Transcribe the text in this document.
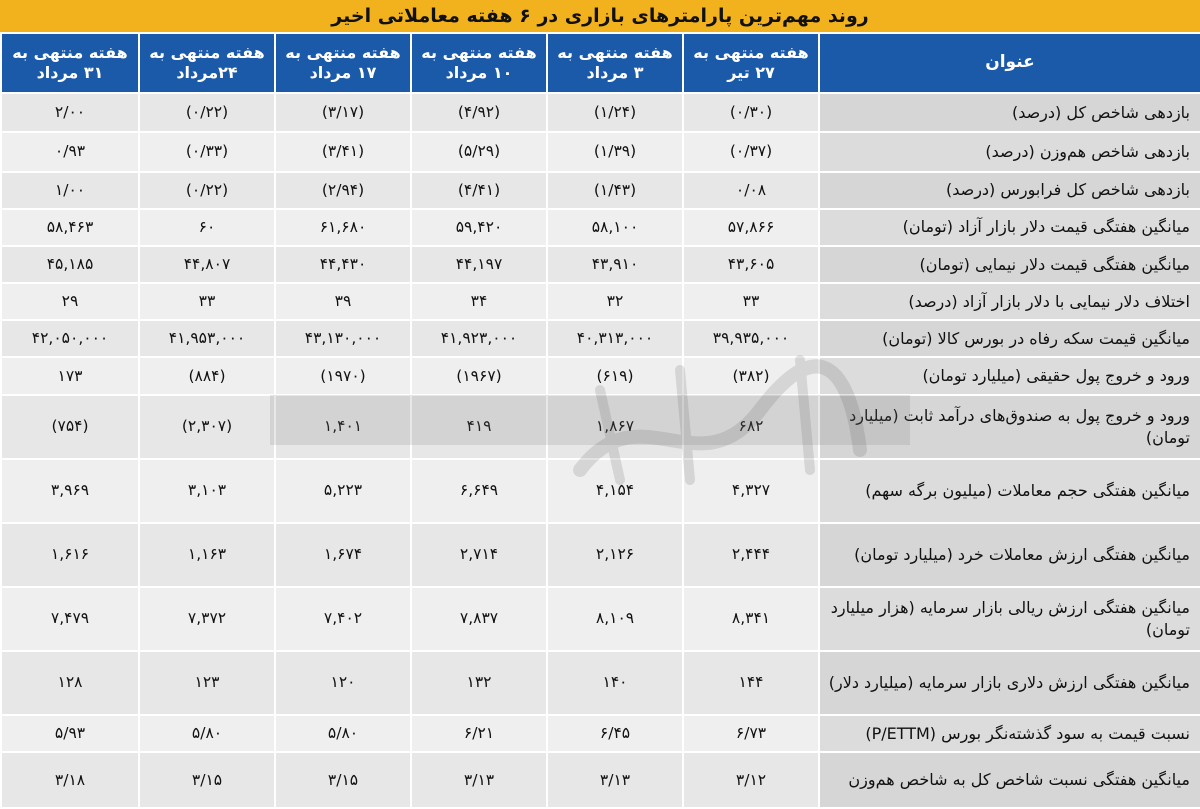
روند مهم‌ترین پارامترهای بازاری در ۶ هفته معاملاتی اخیر
عنوان	هفته منتهی به ۲۷ تیر	هفته منتهی به ۳ مرداد	هفته منتهی به ۱۰ مرداد	هفته منتهی به ۱۷ مرداد	هفته منتهی به ۲۴مرداد	هفته منتهی به ۳۱ مرداد
بازدهی شاخص کل (درصد)	(۰/۳۰)	(۱/۲۴)	(۴/۹۲)	(۳/۱۷)	(۰/۲۲)	۲/۰۰
بازدهی شاخص هم‌وزن (درصد)	(۰/۳۷)	(۱/۳۹)	(۵/۲۹)	(۳/۴۱)	(۰/۳۳)	۰/۹۳
بازدهی شاخص کل فرابورس (درصد)	۰/۰۸	(۱/۴۳)	(۴/۴۱)	(۲/۹۴)	(۰/۲۲)	۱/۰۰
میانگین هفتگی قیمت دلار بازار آزاد (تومان)	۵۷,۸۶۶	۵۸,۱۰۰	۵۹,۴۲۰	۶۱,۶۸۰	۶۰	۵۸,۴۶۳
میانگین هفتگی قیمت دلار نیمایی (تومان)	۴۳,۶۰۵	۴۳,۹۱۰	۴۴,۱۹۷	۴۴,۴۳۰	۴۴,۸۰۷	۴۵,۱۸۵
اختلاف دلار نیمایی با دلار بازار آزاد (درصد)	۳۳	۳۲	۳۴	۳۹	۳۳	۲۹
میانگین قیمت سکه رفاه در بورس کالا (تومان)	۳۹,۹۳۵,۰۰۰	۴۰,۳۱۳,۰۰۰	۴۱,۹۲۳,۰۰۰	۴۳,۱۳۰,۰۰۰	۴۱,۹۵۳,۰۰۰	۴۲,۰۵۰,۰۰۰
ورود و خروج پول حقیقی (میلیارد تومان)	(۳۸۲)	(۶۱۹)	(۱۹۶۷)	(۱۹۷۰)	(۸۸۴)	۱۷۳
ورود و خروج پول به صندوق‌های درآمد ثابت (میلیارد تومان)	۶۸۲	۱,۸۶۷	۴۱۹	۱,۴۰۱	(۲,۳۰۷)	(۷۵۴)
میانگین هفتگی حجم معاملات (میلیون برگه سهم)	۴,۳۲۷	۴,۱۵۴	۶,۶۴۹	۵,۲۲۳	۳,۱۰۳	۳,۹۶۹
میانگین هفتگی ارزش معاملات خرد (میلیارد تومان)	۲,۴۴۴	۲,۱۲۶	۲,۷۱۴	۱,۶۷۴	۱,۱۶۳	۱,۶۱۶
میانگین هفتگی ارزش ریالی بازار سرمایه (هزار میلیارد تومان)	۸,۳۴۱	۸,۱۰۹	۷,۸۳۷	۷,۴۰۲	۷,۳۷۲	۷,۴۷۹
میانگین هفتگی ارزش دلاری بازار سرمایه (میلیارد دلار)	۱۴۴	۱۴۰	۱۳۲	۱۲۰	۱۲۳	۱۲۸
نسبت قیمت به سود گذشته‌نگر بورس (P/ETTM)	۶/۷۳	۶/۴۵	۶/۲۱	۵/۸۰	۵/۸۰	۵/۹۳
میانگین هفتگی نسبت شاخص کل به شاخص هم‌وزن	۳/۱۲	۳/۱۳	۳/۱۳	۳/۱۵	۳/۱۵	۳/۱۸
